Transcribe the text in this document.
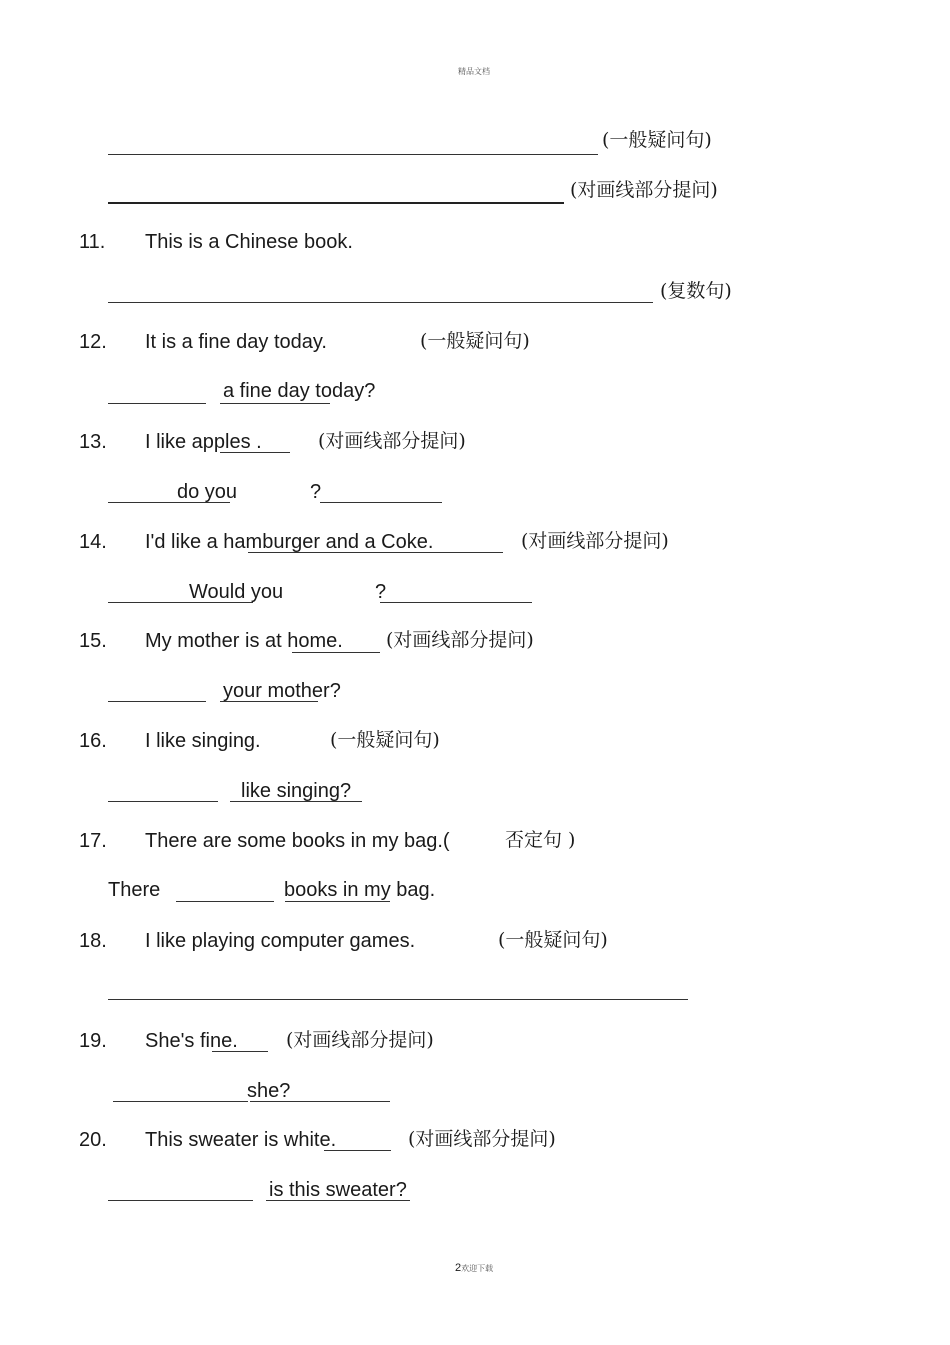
精品文档
(一般疑问句)
(对画线部分提问)
11. This is a Chinese book.
(复数句)
12. It is a fine day today.	(一般疑问句)
a fine day today?
13. I like apples .	(对画线部分提问)
do you	?
14. I'd like a hamburger and a Coke.	(对画线部分提问)
Would you	?
15. My mother is at home. (对画线部分提问)
your mother?
16. I like singing.	(一般疑问句)
like singing?
17. There are some books in my bag.(	否定句 )
There	books in my bag.
18. I like playing computer games.	(一般疑问句)
19. She's fine.	(对画线部分提问)
she?
20. This sweater is white.	(对画线部分提问)
is this sweater?
2欢迎下载
